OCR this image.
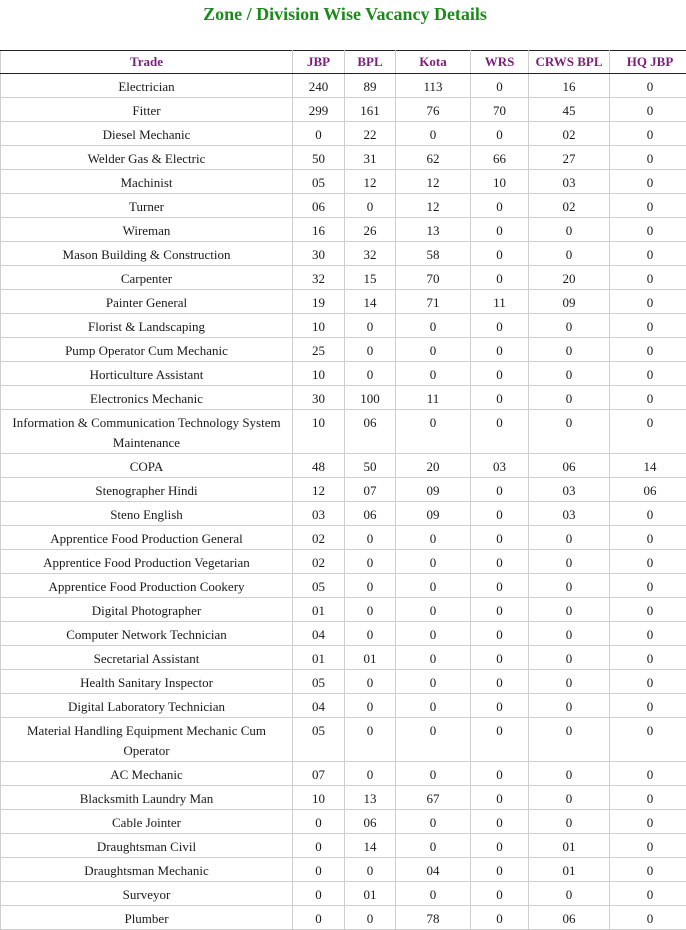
Zone / Division Wise Vacancy Details
Trade	JBP	BPL	Kota	WRS	CRWS BPL	HQ JBP
Electrician	240	89	113	0	16	0
Fitter	299	161	76	70	45	0
Diesel Mechanic	0	22	0	0	02	0
Welder Gas & Electric	50	31	62	66	27	0
Machinist	05	12	12	10	03	0
Turner	06	0	12	0	02	0
Wireman	16	26	13	0	0	0
Mason Building & Construction	30	32	58	0	0	0
Carpenter	32	15	70	0	20	0
Painter General	19	14	71	11	09	0
Florist & Landscaping	10	0	0	0	0	0
Pump Operator Cum Mechanic	25	0	0	0	0	0
Horticulture Assistant	10	0	0	0	0	0
Electronics Mechanic	30	100	11	0	0	0
Information & Communication Technology System Maintenance	10	06	0	0	0	0
COPA	48	50	20	03	06	14
Stenographer Hindi	12	07	09	0	03	06
Steno English	03	06	09	0	03	0
Apprentice Food Production General	02	0	0	0	0	0
Apprentice Food Production Vegetarian	02	0	0	0	0	0
Apprentice Food Production Cookery	05	0	0	0	0	0
Digital Photographer	01	0	0	0	0	0
Computer Network Technician	04	0	0	0	0	0
Secretarial Assistant	01	01	0	0	0	0
Health Sanitary Inspector	05	0	0	0	0	0
Digital Laboratory Technician	04	0	0	0	0	0
Material Handling Equipment Mechanic Cum Operator	05	0	0	0	0	0
AC Mechanic	07	0	0	0	0	0
Blacksmith Laundry Man	10	13	67	0	0	0
Cable Jointer	0	06	0	0	0	0
Draughtsman Civil	0	14	0	0	01	0
Draughtsman Mechanic	0	0	04	0	01	0
Surveyor	0	01	0	0	0	0
Plumber	0	0	78	0	06	0
